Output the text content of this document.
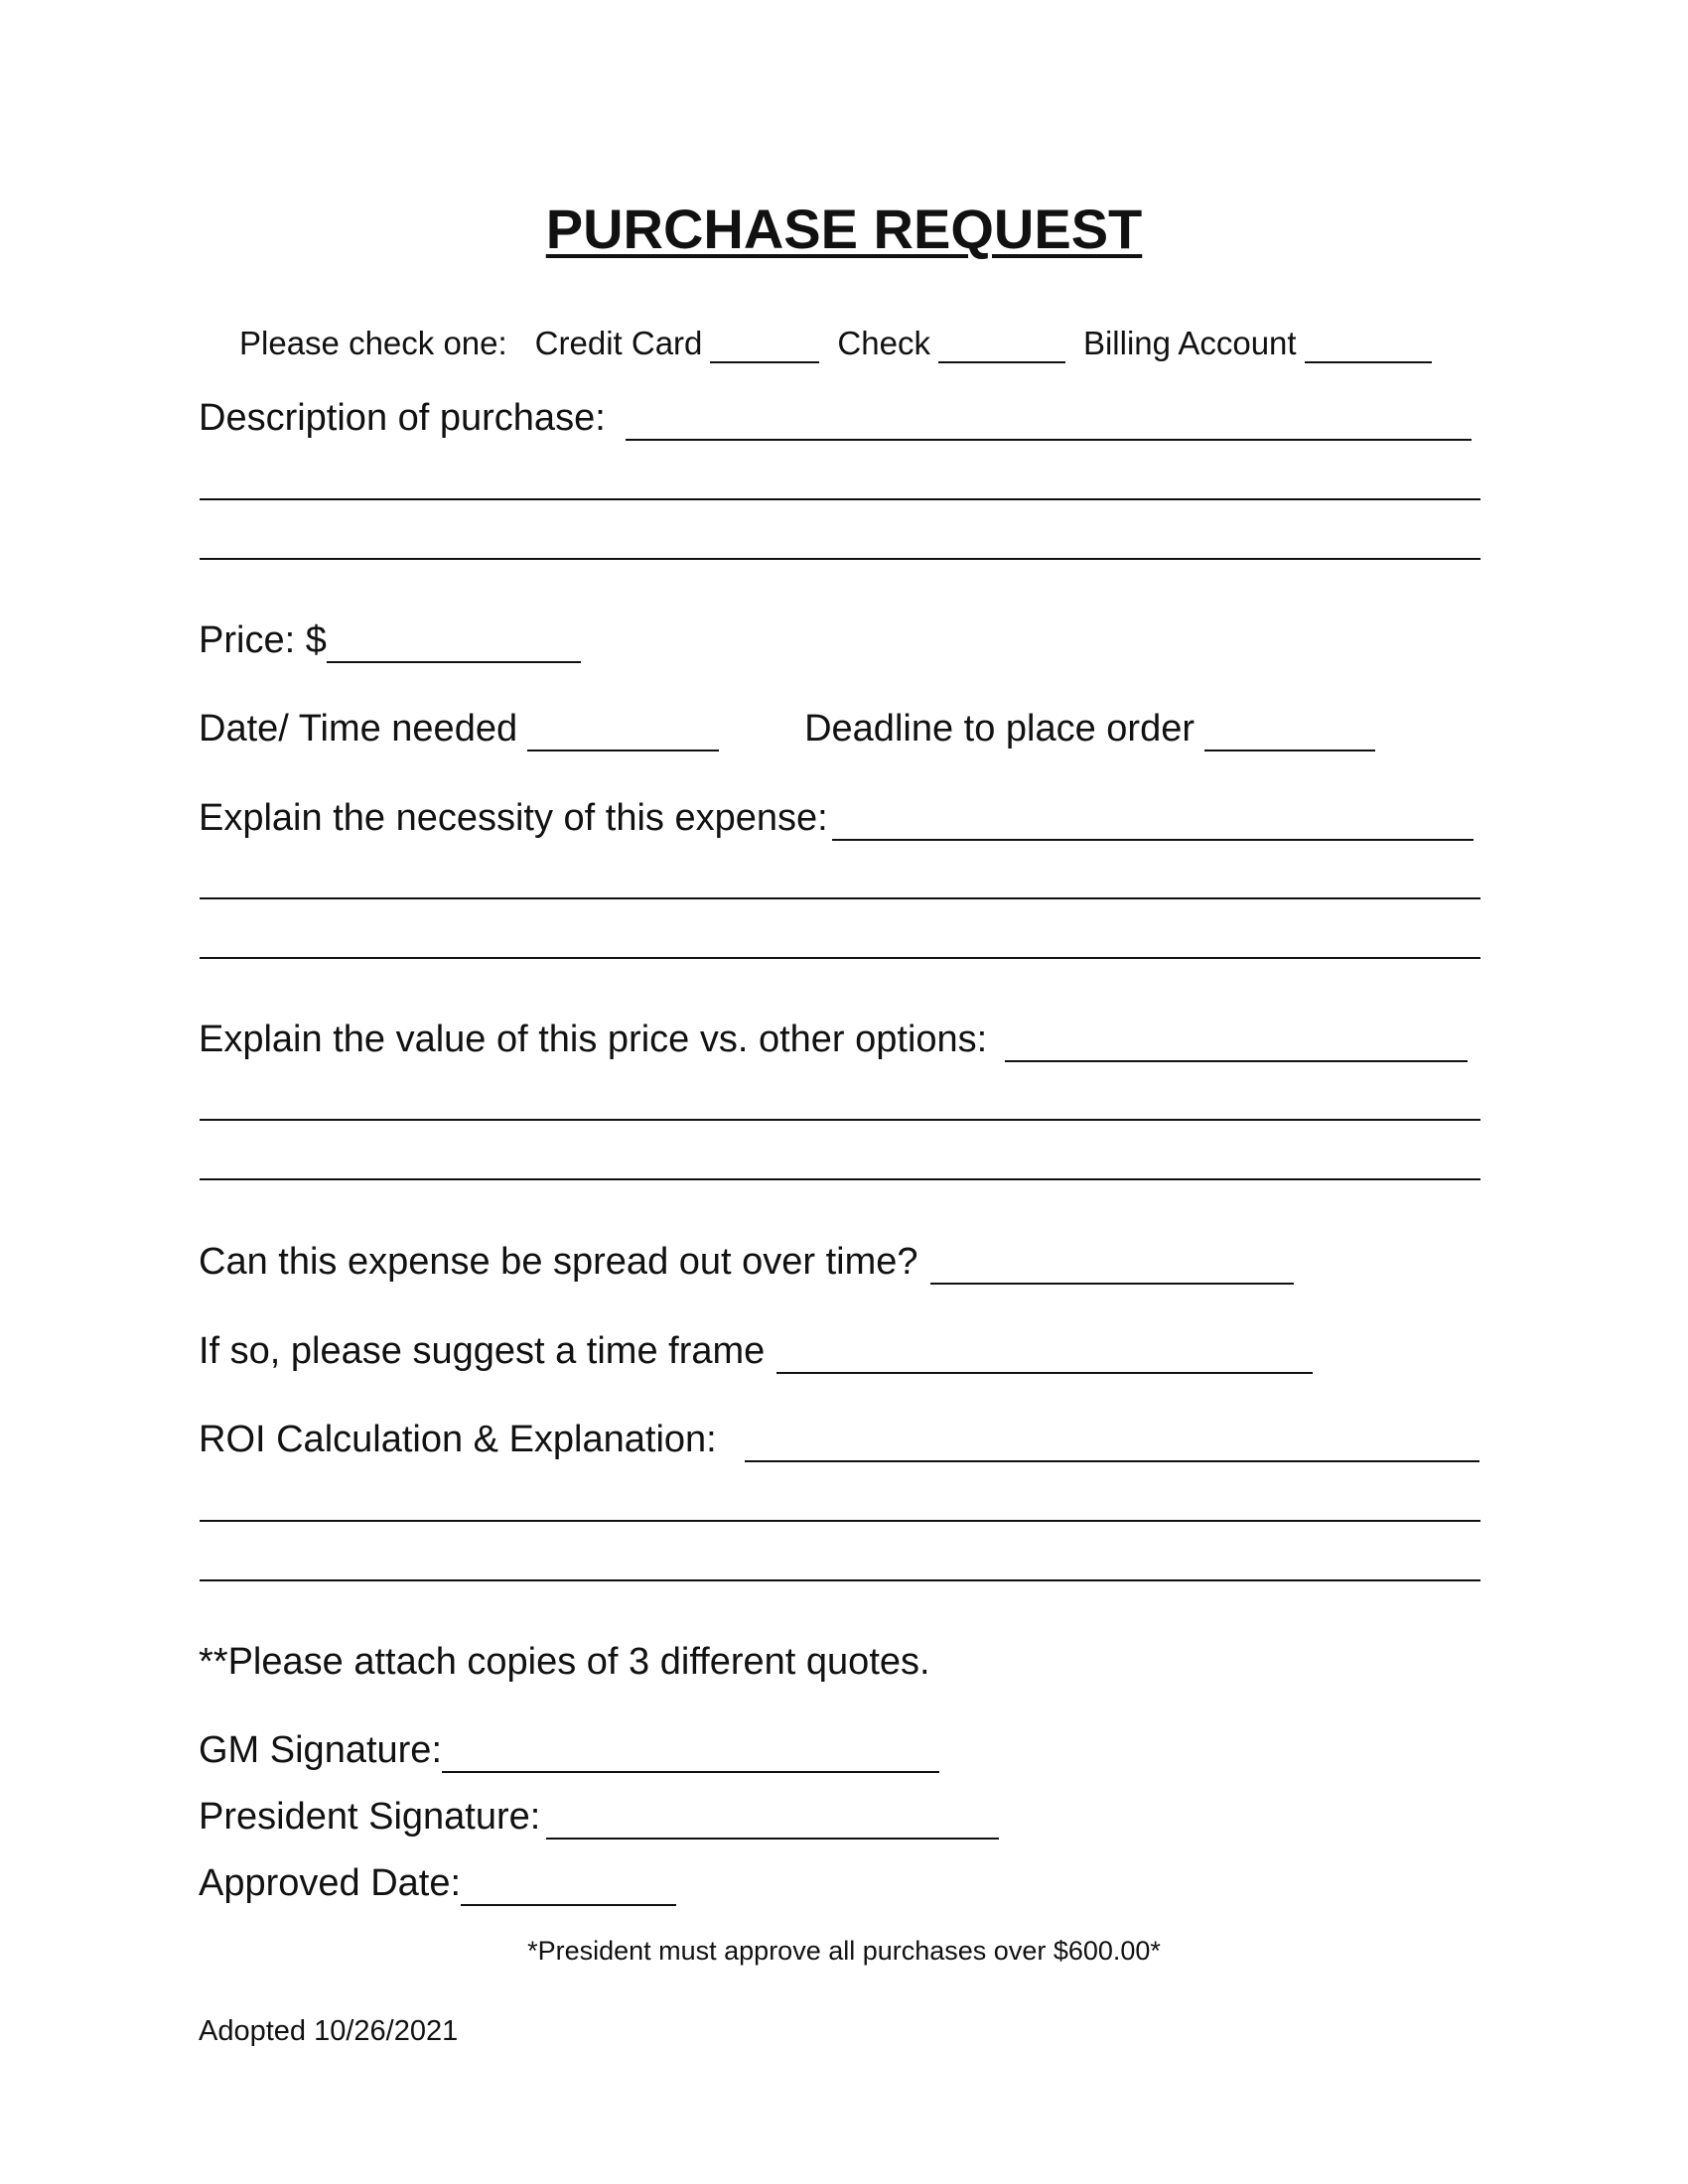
PURCHASE REQUEST
Please check one: Credit Card	Check	Billing Account
Description of purchase:
Price: $
Date/ Time needed	Deadline to place order
Explain the necessity of this expense:
Explain the value of this price vs. other options:
Can this expense be spread out over time?
If so, please suggest a time frame
ROI Calculation & Explanation:
**Please attach copies of 3 different quotes.
GM Signature:
President Signature:
Approved Date:
*President must approve all purchases over $600.00*
Adopted 10/26/2021
